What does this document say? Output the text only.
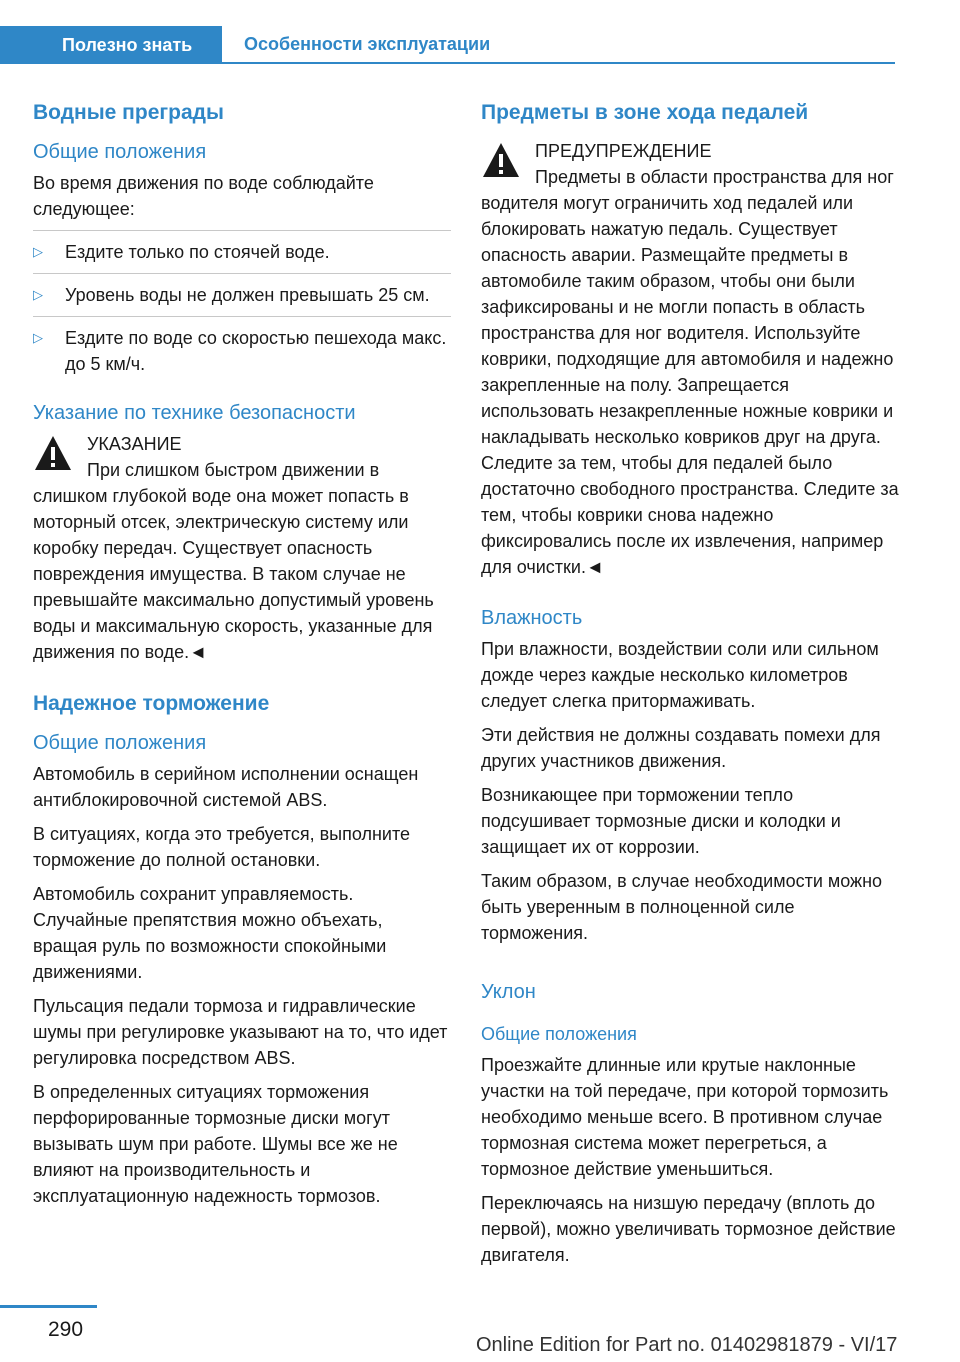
Полезно знать	Особенности эксплуатации
Водные преграды
Общие положения

Во время движения по воде соблюдайте следующее:

▷ Ездите только по стоячей воде.
▷ Уровень воды не должен превышать 25 см.
▷ Ездите по воде со скоростью пешехода макс. до 5 км/ч.
Указание по технике безопасности

УКАЗАНИЕ
При слишком быстром движении в слишком глубокой воде она может попасть в моторный отсек, электрическую систему или коробку передач. Существует опасность повреждения имущества. В таком случае не превышайте максимально допустимый уровень воды и максимальную скорость, указанные для движения по воде.◄

Надежное торможение
Общие положения

Автомобиль в серийном исполнении оснащен антиблокировочной системой ABS.

В ситуациях, когда это требуется, выполните торможение до полной остановки.

Автомобиль сохранит управляемость. Случайные препятствия можно объехать, вращая руль по возможности спокойными движениями.

Пульсация педали тормоза и гидравлические шумы при регулировке указывают на то, что идет регулировка посредством ABS.

В определенных ситуациях торможения перфорированные тормозные диски могут вызывать шум при работе. Шумы все же не влияют на производительность и эксплуатационную надежность тормозов.

Предметы в зоне хода педалей

ПРЕДУПРЕЖДЕНИЕ
Предметы в области пространства для ног водителя могут ограничить ход педалей или блокировать нажатую педаль. Существует опасность аварии. Размещайте предметы в автомобиле таким образом, чтобы они были зафиксированы и не могли попасть в область пространства для ног водителя. Используйте коврики, подходящие для автомобиля и надежно закрепленные на полу. Запрещается использовать незакрепленные ножные коврики и накладывать несколько ковриков друг на друга. Следите за тем, чтобы для педалей было достаточно свободного пространства. Следите за тем, чтобы коврики снова надежно фиксировались после их извлечения, например для очистки.◄

Влажность

При влажности, воздействии соли или сильном дожде через каждые несколько километров следует слегка притормаживать.

Эти действия не должны создавать помехи для других участников движения.

Возникающее при торможении тепло подсушивает тормозные диски и колодки и защищает их от коррозии.

Таким образом, в случае необходимости можно быть уверенным в полноценной силе торможения.

Уклон
Общие положения

Проезжайте длинные или крутые наклонные участки на той передаче, при которой тормозить необходимо меньше всего. В противном случае тормозная система может перегреться, а тормозное действие уменьшиться.

Переключаясь на низшую передачу (вплоть до первой), можно увеличивать тормозное действие двигателя.

290
Online Edition for Part no. 01402981879 - VI/17
